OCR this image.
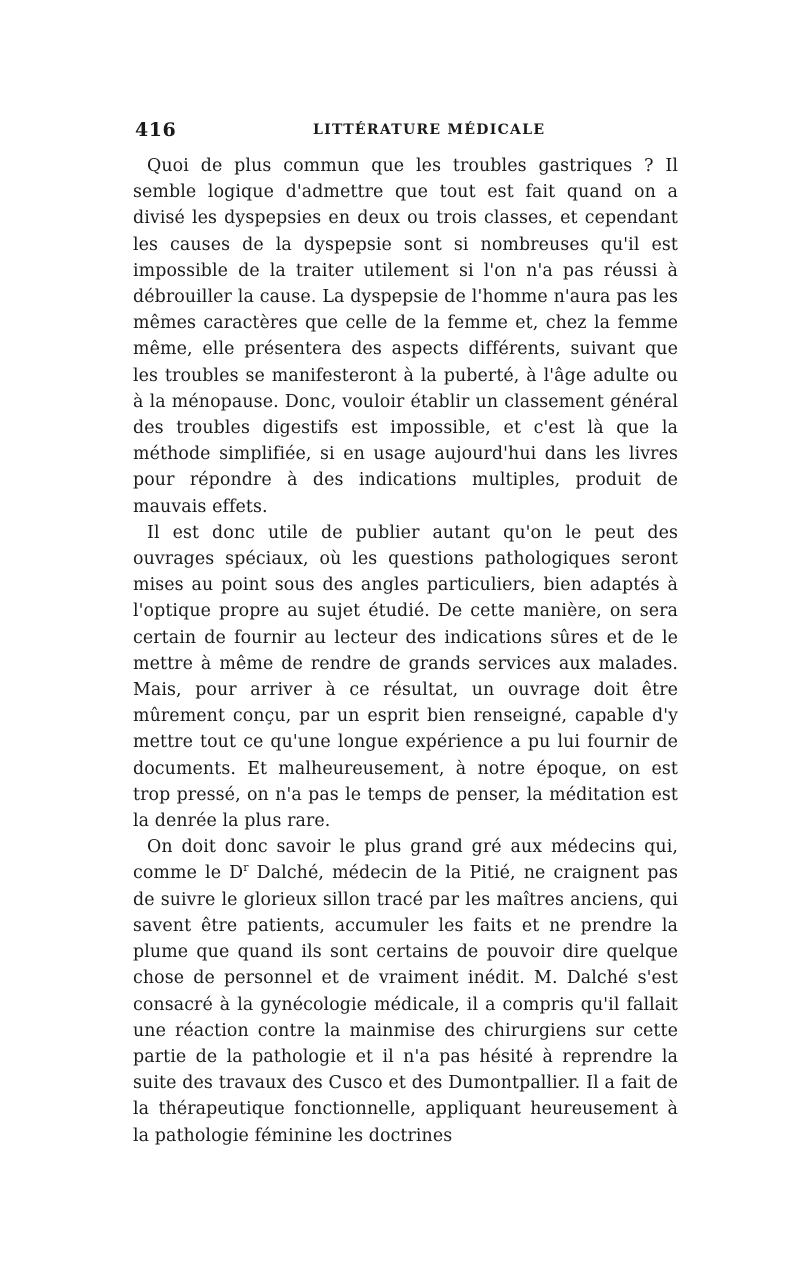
416	LITTÉRATURE MÉDICALE

Quoi de plus commun que les troubles gastriques ? Il semble logique d'admettre que tout est fait quand on a divisé les dyspepsies en deux ou trois classes, et cependant les causes de la dyspepsie sont si nombreuses qu'il est impossible de la traiter utilement si l'on n'a pas réussi à débrouiller la cause. La dyspepsie de l'homme n'aura pas les mêmes caractères que celle de la femme et, chez la femme même, elle présentera des aspects différents, suivant que les troubles se manifesteront à la puberté, à l'âge adulte ou à la ménopause. Donc, vouloir établir un classement général des troubles digestifs est impossible, et c'est là que la méthode simplifiée, si en usage aujourd'hui dans les livres pour répondre à des indications multiples, produit de mauvais effets.

Il est donc utile de publier autant qu'on le peut des ouvrages spéciaux, où les questions pathologiques seront mises au point sous des angles particuliers, bien adaptés à l'optique propre au sujet étudié. De cette manière, on sera certain de fournir au lecteur des indications sûres et de le mettre à même de rendre de grands services aux malades. Mais, pour arriver à ce résultat, un ouvrage doit être mûrement conçu, par un esprit bien renseigné, capable d'y mettre tout ce qu'une longue expérience a pu lui fournir de documents. Et malheureusement, à notre époque, on est trop pressé, on n'a pas le temps de penser, la méditation est la denrée la plus rare.

On doit donc savoir le plus grand gré aux médecins qui, comme le $D^r$ Dalché, médecin de la Pitié, ne craignent pas de suivre le glorieux sillon tracé par les maîtres anciens, qui savent être patients, accumuler les faits et ne prendre la plume que quand ils sont certains de pouvoir dire quelque chose de personnel et de vraiment inédit. M. Dalché s'est consacré à la gynécologie médicale, il a compris qu'il fallait une réaction contre la mainmise des chirurgiens sur cette partie de la pathologie et il n'a pas hésité à reprendre la suite des travaux des Cusco et des Dumontpallier. Il a fait de la thérapeutique fonctionnelle, appliquant heureusement à la pathologie féminine les doctrines
